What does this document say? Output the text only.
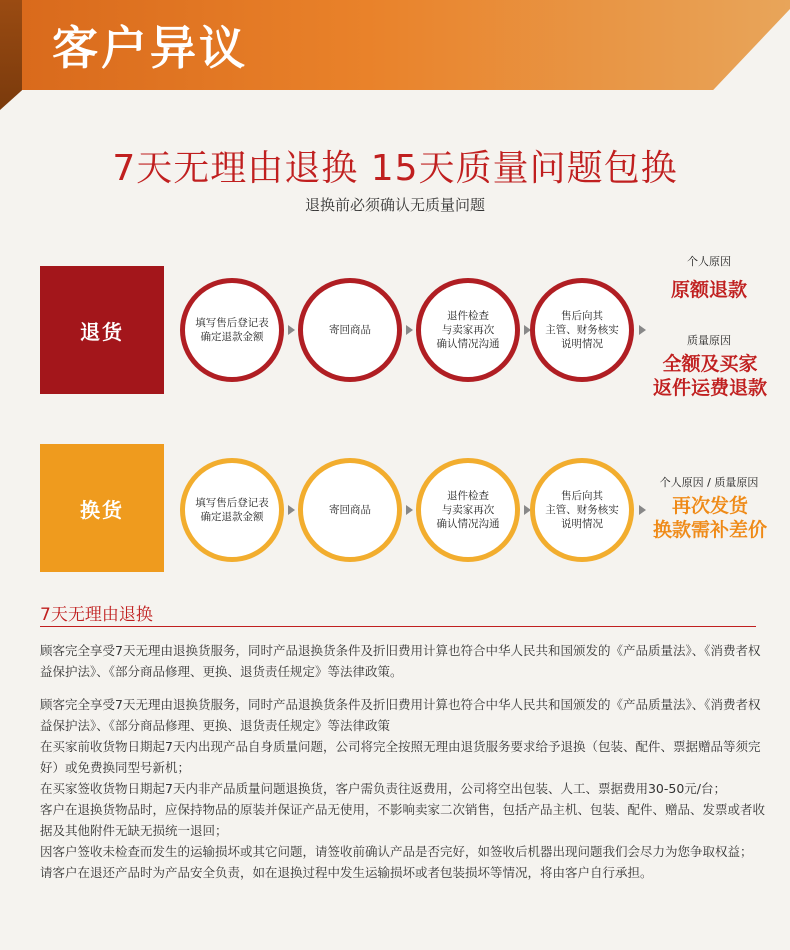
客户异议
7天无理由退换 15天质量问题包换
退换前必须确认无质量问题
退货	填写售后登记表
确定退款金额
寄回商品
退件检查
与卖家再次
确认情况沟通
售后向其
主管、财务核实
说明情况
个人原因
原额退款
质量原因
全额及买家
返件运费退款
换货	填写售后登记表
确定退款金额
寄回商品
退件检查
与卖家再次
确认情况沟通
售后向其
主管、财务核实
说明情况
个人原因 / 质量原因
再次发货
换款需补差价
7天无理由退换
顾客完全享受7天无理由退换货服务，同时产品退换货条件及折旧费用计算也符合中华人民共和国颁发的《产品质量法》、《消费者权益保护法》、《部分商品修理、更换、退货责任规定》等法律政策。
顾客完全享受7天无理由退换货服务，同时产品退换货条件及折旧费用计算也符合中华人民共和国颁发的《产品质量法》、《消费者权益保护法》、《部分商品修理、更换、退货责任规定》等法律政策
在买家前收货物日期起7天内出现产品自身质量问题，公司将完全按照无理由退货服务要求给予退换（包装、配件、票据赠品等须完好）或免费换同型号新机；
在买家签收货物日期起7天内非产品质量问题退换货，客户需负责往返费用，公司将空出包装、人工、票据费用30-50元/台；
客户在退换货物品时，应保持物品的原装并保证产品无使用，不影响卖家二次销售，包括产品主机、包装、配件、赠品、发票或者收据及其他附件无缺无损统一退回；
因客户签收未检查而发生的运输损坏或其它问题，请签收前确认产品是否完好，如签收后机器出现问题我们会尽力为您争取权益；
请客户在退还产品时为产品安全负责，如在退换过程中发生运输损坏或者包装损坏等情况，将由客户自行承担。
